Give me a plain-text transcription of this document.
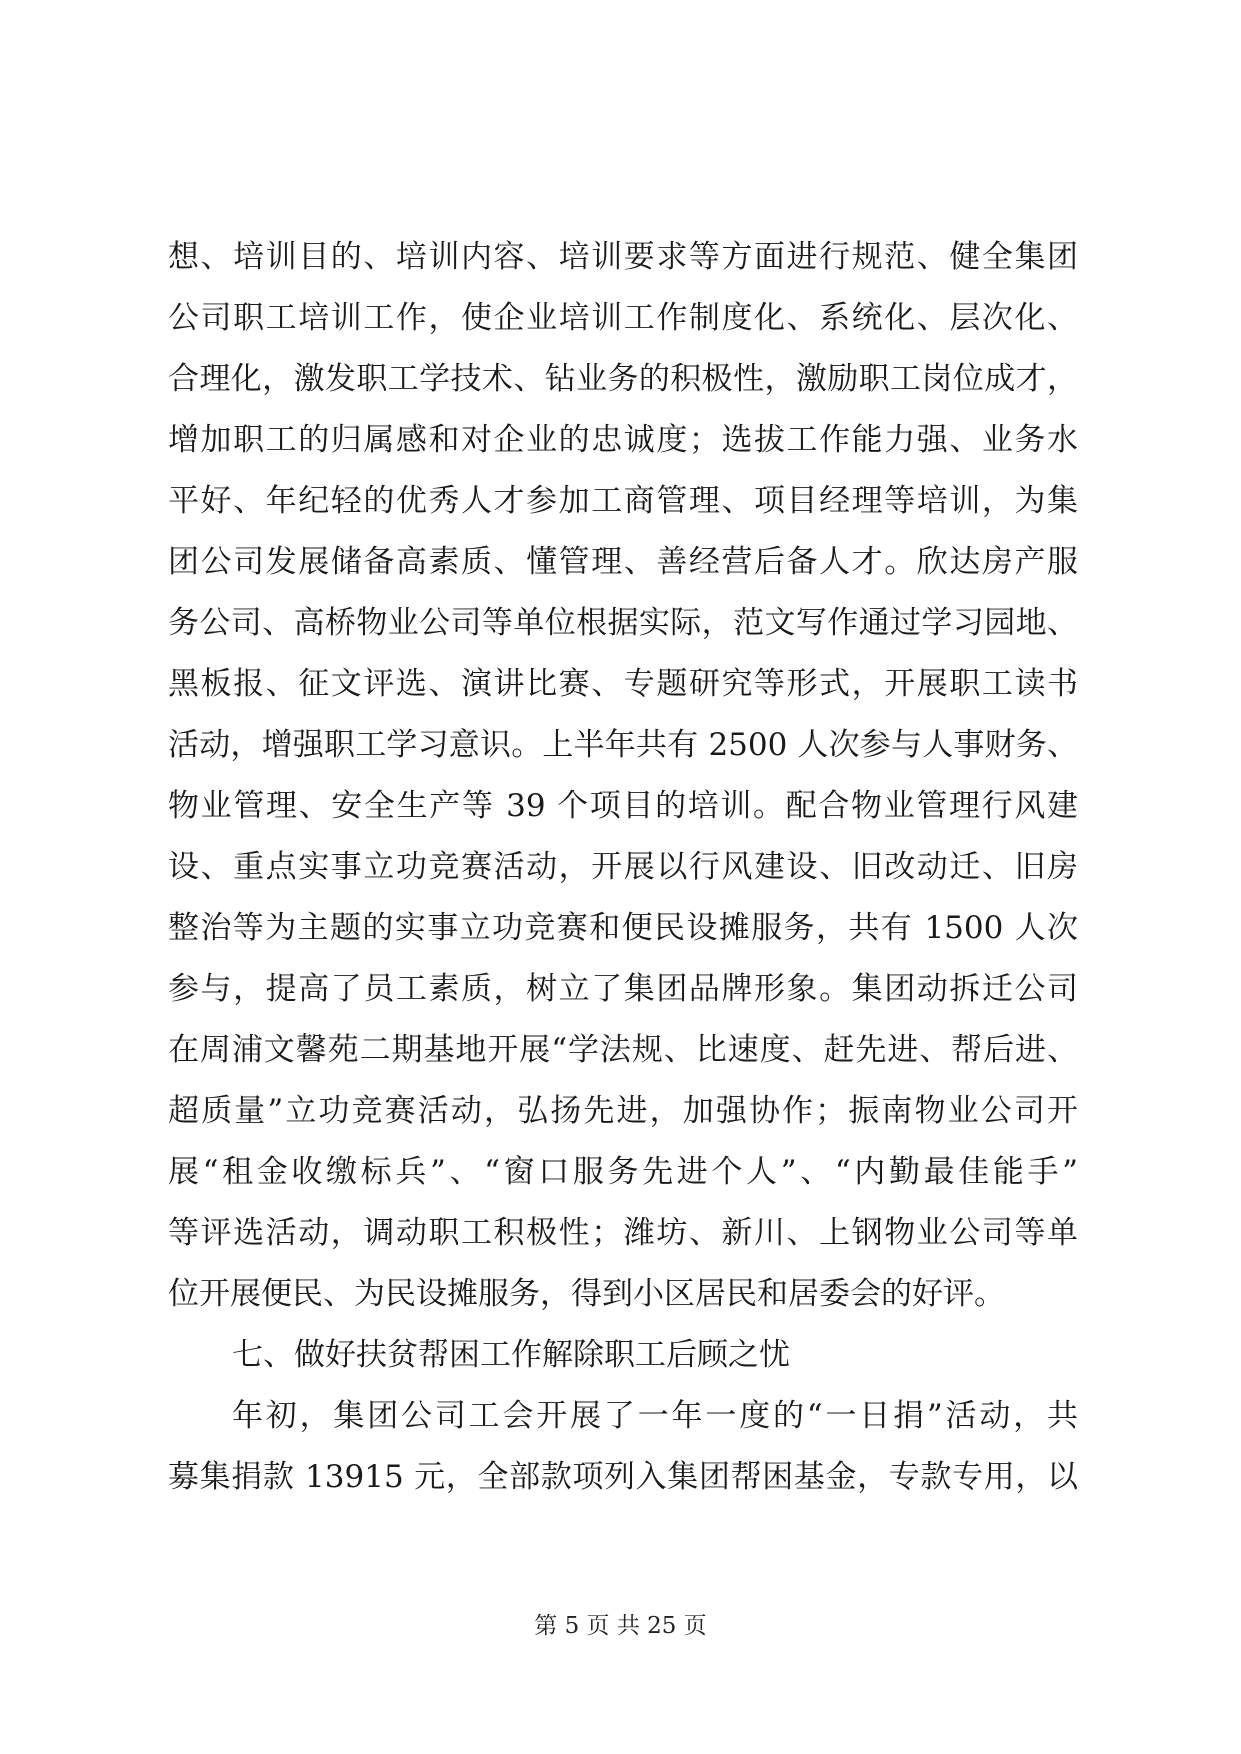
想、培训目的、培训内容、培训要求等方面进行规范、健全集团
公司职工培训工作，使企业培训工作制度化、系统化、层次化、
合理化，激发职工学技术、钻业务的积极性，激励职工岗位成才，
增加职工的归属感和对企业的忠诚度；选拔工作能力强、业务水
平好、年纪轻的优秀人才参加工商管理、项目经理等培训，为集
团公司发展储备高素质、懂管理、善经营后备人才。欣达房产服
务公司、高桥物业公司等单位根据实际，范文写作通过学习园地、
黑板报、征文评选、演讲比赛、专题研究等形式，开展职工读书
活动，增强职工学习意识。上半年共有 2500 人次参与人事财务、
物业管理、安全生产等 39 个项目的培训。配合物业管理行风建
设、重点实事立功竞赛活动，开展以行风建设、旧改动迁、旧房
整治等为主题的实事立功竞赛和便民设摊服务，共有 1500 人次
参与，提高了员工素质，树立了集团品牌形象。集团动拆迁公司
在周浦文馨苑二期基地开展“学法规、比速度、赶先进、帮后进、
超质量”立功竞赛活动，弘扬先进，加强协作；振南物业公司开
展“租金收缴标兵”、“窗口服务先进个人”、“内勤最佳能手”
等评选活动，调动职工积极性；潍坊、新川、上钢物业公司等单
位开展便民、为民设摊服务，得到小区居民和居委会的好评。
七、做好扶贫帮困工作解除职工后顾之忧
年初，集团公司工会开展了一年一度的“一日捐”活动，共
募集捐款 13915 元，全部款项列入集团帮困基金，专款专用，以
第 5 页 共 25 页
